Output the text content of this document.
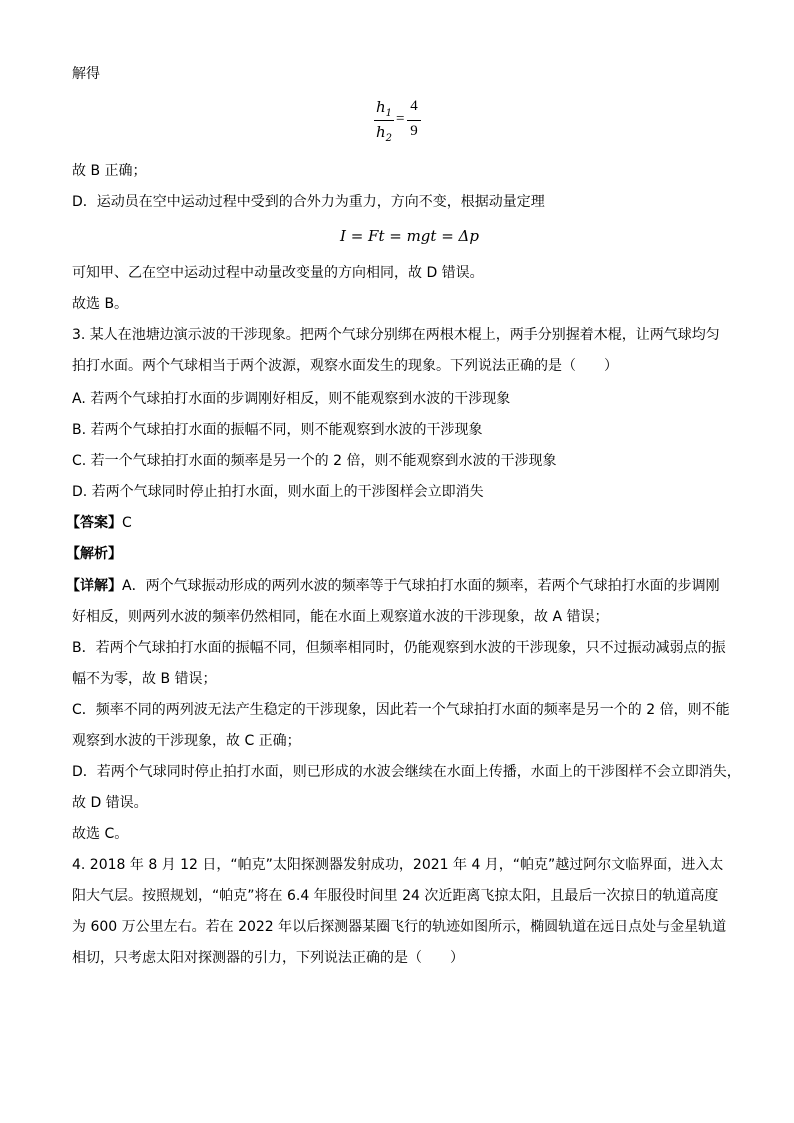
解得
$h_1$
$h_2$
=
4
9
故 B 正确；
D．运动员在空中运动过程中受到的合外力为重力，方向不变，根据动量定理
I = Ft = mgt = Δp
可知甲、乙在空中运动过程中动量改变量的方向相同，故 D 错误。
故选 B。
3. 某人在池塘边演示波的干涉现象。把两个气球分别绑在两根木棍上，两手分别握着木棍，让两气球均匀
拍打水面。两个气球相当于两个波源，观察水面发生的现象。下列说法正确的是（　　）
A. 若两个气球拍打水面的步调刚好相反，则不能观察到水波的干涉现象
B. 若两个气球拍打水面的振幅不同，则不能观察到水波的干涉现象
C. 若一个气球拍打水面的频率是另一个的 2 倍，则不能观察到水波的干涉现象
D. 若两个气球同时停止拍打水面，则水面上的干涉图样会立即消失
【答案】C
【解析】
【详解】A．两个气球振动形成的两列水波的频率等于气球拍打水面的频率，若两个气球拍打水面的步调刚
好相反，则两列水波的频率仍然相同，能在水面上观察道水波的干涉现象，故 A 错误；
B．若两个气球拍打水面的振幅不同，但频率相同时，仍能观察到水波的干涉现象，只不过振动减弱点的振
幅不为零，故 B 错误；
C．频率不同的两列波无法产生稳定的干涉现象，因此若一个气球拍打水面的频率是另一个的 2 倍，则不能
观察到水波的干涉现象，故 C 正确；
D．若两个气球同时停止拍打水面，则已形成的水波会继续在水面上传播，水面上的干涉图样不会立即消失，
故 D 错误。
故选 C。
4. 2018 年 8 月 12 日，“帕克”太阳探测器发射成功，2021 年 4 月，“帕克”越过阿尔文临界面，进入太
阳大气层。按照规划，“帕克”将在 6.4 年服役时间里 24 次近距离飞掠太阳，且最后一次掠日的轨道高度
为 600 万公里左右。若在 2022 年以后探测器某圈飞行的轨迹如图所示，椭圆轨道在远日点处与金星轨道
相切，只考虑太阳对探测器的引力，下列说法正确的是（　　）
